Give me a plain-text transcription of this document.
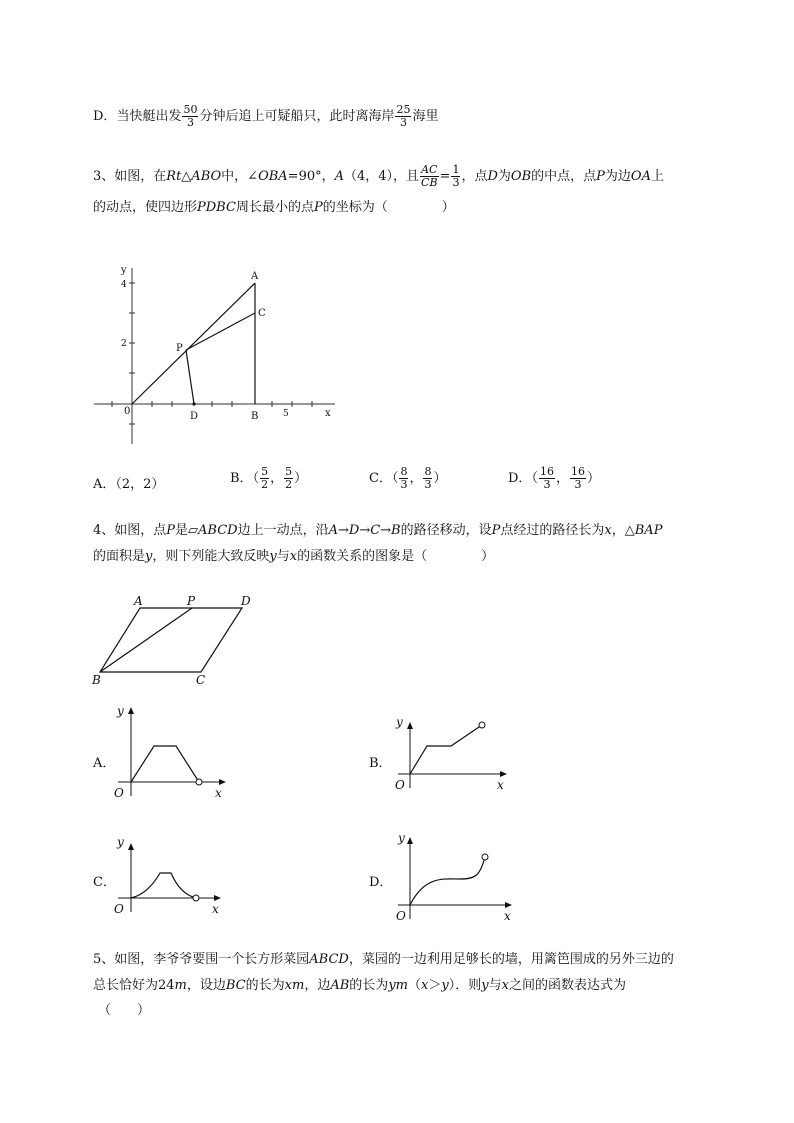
D．当快艇出发 $\frac{50}{3}$ 分钟后追上可疑船只，此时离海岸 $\frac{25}{3}$ 海里
3、如图，在Rt△ABO中，∠OBA=90°，A（4，4），且 $\frac{AC}{CB} = \frac{1}{3}$ ，点D为OB的中点，点P为边OA上
的动点，使四边形PDBC周长最小的点P的坐标为（	）
y
x
0
4
2
5
A
C
P
D	B
A．（2，2）	B．（ $\frac{5}{2}$ ， $\frac{5}{2}$ ）	C．（ $\frac{8}{3}$ ， $\frac{8}{3}$ ）	D．（ $\frac{16}{3}$ ， $\frac{16}{3}$ ）
4、如图，点P是▱ABCD边上一动点，沿A→D→C→B的路径移动，设P点经过的路径长为x，△BAP
的面积是y，则下列能大致反映y与x的函数关系的图象是（	）
A	P	D
B	C
A．
y
x
O
B．
y
x
O
C．
y
x
O
D．
y
x
O
5、如图，李爷爷要围一个长方形菜园ABCD，菜园的一边利用足够长的墙，用篱笆围成的另外三边的
总长恰好为24m，设边BC的长为xm，边AB的长为ym（x＞y）．则y与x之间的函数表达式为
（　　）
